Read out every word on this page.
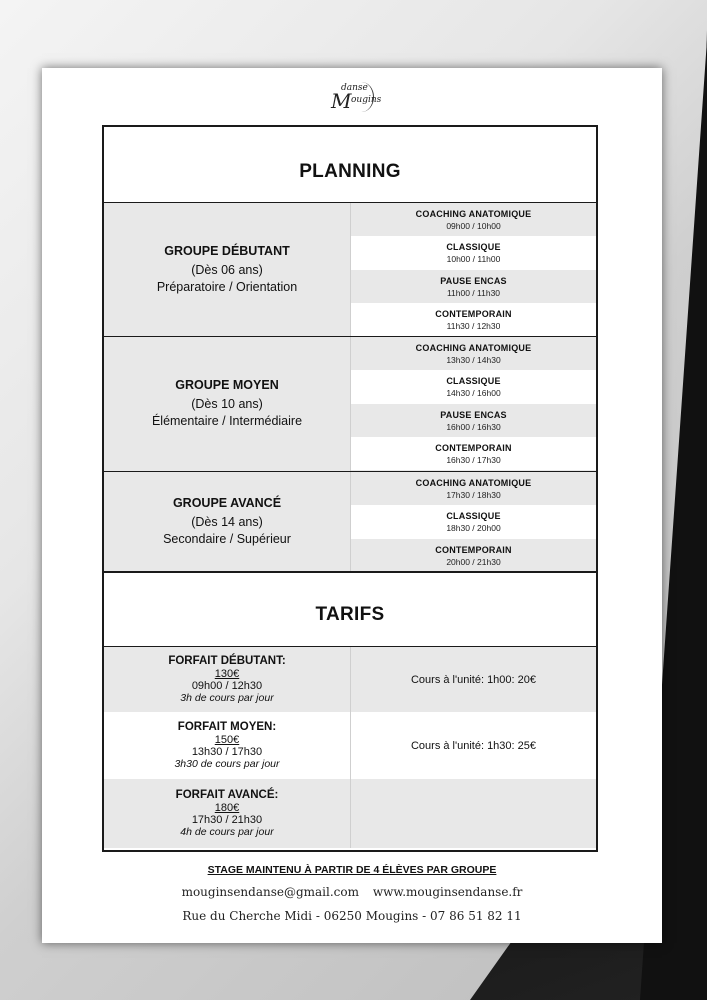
danse
M ougins
PLANNING
GROUPE DÉBUTANT
(Dès 06 ans)
Préparatoire / Orientation
COACHING ANATOMIQUE
09h00 / 10h00
CLASSIQUE
10h00 / 11h00
PAUSE ENCAS
11h00 / 11h30
CONTEMPORAIN
11h30 / 12h30
GROUPE MOYEN
(Dès 10 ans)
Élémentaire / Intermédiaire
COACHING ANATOMIQUE
13h30 / 14h30
CLASSIQUE
14h30 / 16h00
PAUSE ENCAS
16h00 / 16h30
CONTEMPORAIN
16h30 / 17h30
GROUPE AVANCÉ
(Dès 14 ans)
Secondaire / Supérieur
COACHING ANATOMIQUE
17h30 / 18h30
CLASSIQUE
18h30 / 20h00
CONTEMPORAIN
20h00 / 21h30
TARIFS
FORFAIT DÉBUTANT:
130€
09h00 / 12h30
3h de cours par jour
Cours à l'unité: 1h00: 20€
FORFAIT MOYEN:
150€
13h30 / 17h30
3h30 de cours par jour
Cours à l'unité: 1h30: 25€
FORFAIT AVANCÉ:
180€
17h30 / 21h30
4h de cours par jour
STAGE MAINTENU À PARTIR DE 4 ÉLÈVES PAR GROUPE
mouginsendanse@gmail.com www.mouginsendanse.fr
Rue du Cherche Midi - 06250 Mougins - 07 86 51 82 11
